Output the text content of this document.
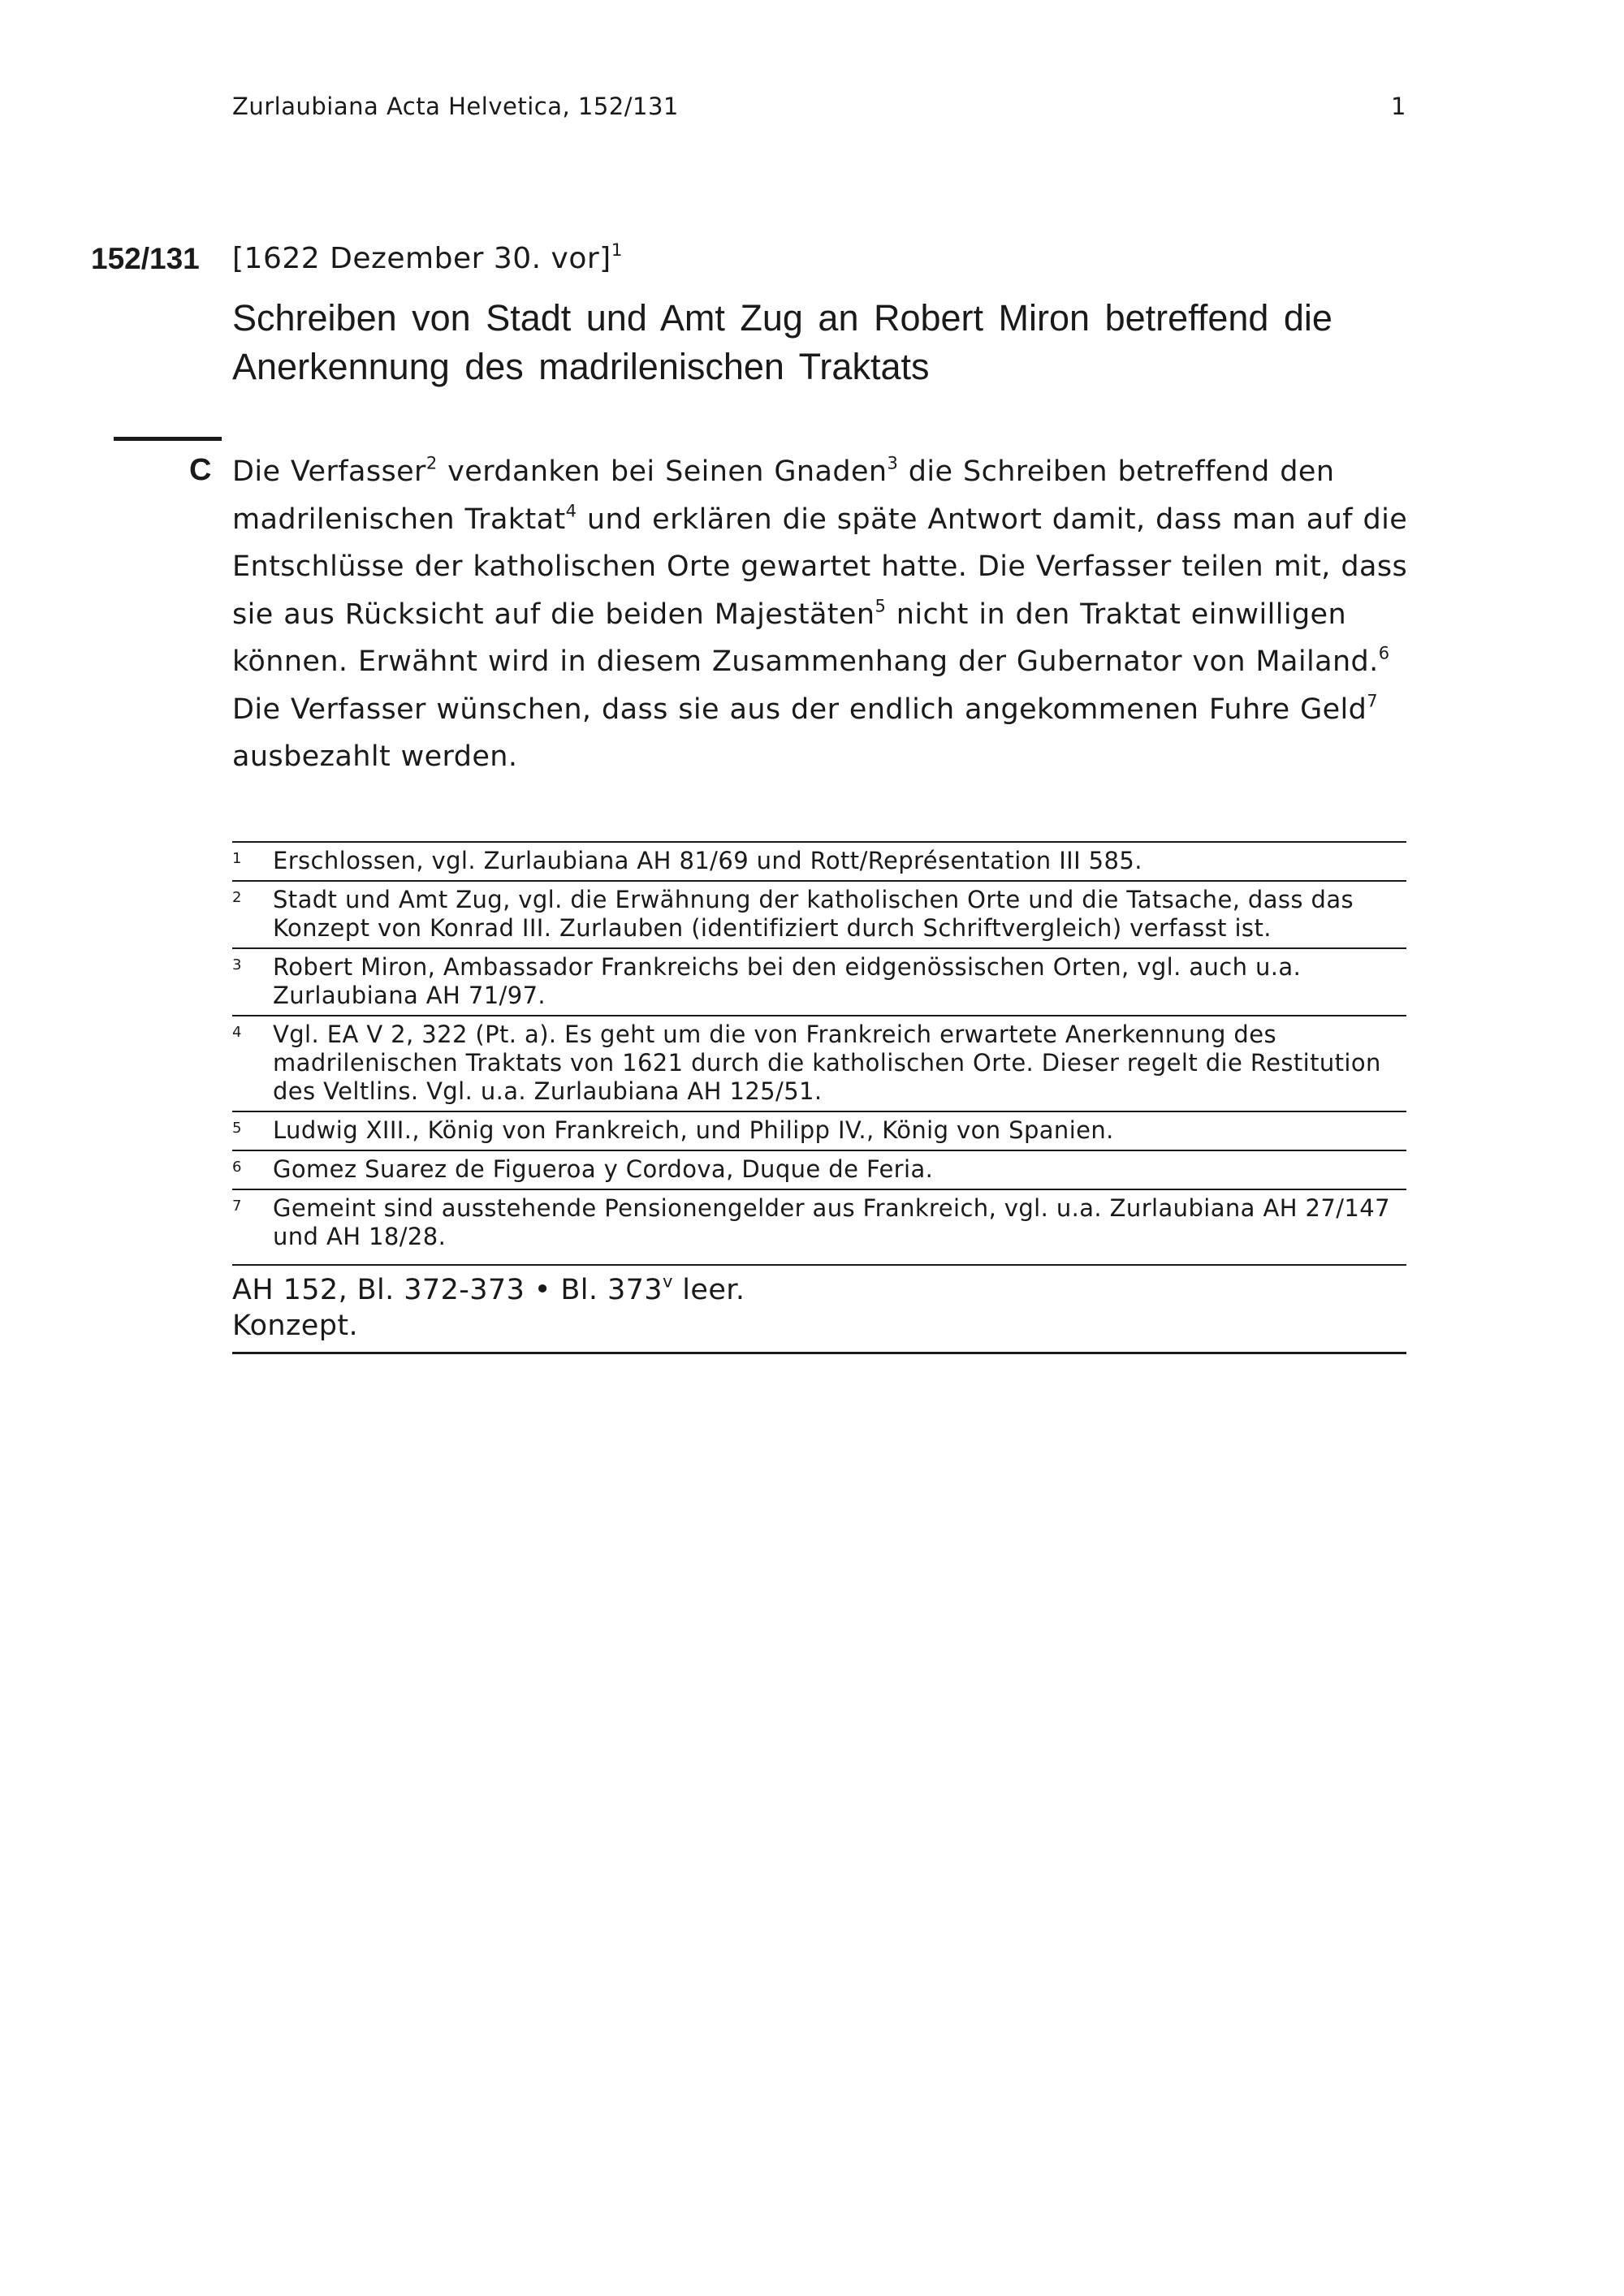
Zurlaubiana Acta Helvetica, 152/131	1
152/131 [1622 Dezember 30. vor]$^1$
Schreiben von Stadt und Amt Zug an Robert Miron betreffend die Anerkennung des madrilenischen Traktats
C Die Verfasser$^2$ verdanken bei Seinen Gnaden$^3$ die Schreiben betreffend den madrilenischen Traktat$^4$ und erklären die späte Antwort damit, dass man auf die Entschlüsse der katholischen Orte gewartet hatte. Die Verfasser teilen mit, dass sie aus Rücksicht auf die beiden Majestäten$^5$ nicht in den Traktat einwilligen können. Erwähnt wird in diesem Zusammenhang der Gubernator von Mailand.$^6$ Die Verfasser wünschen, dass sie aus der endlich angekommenen Fuhre Geld$^7$ ausbezahlt werden.
1 Erschlossen, vgl. Zurlaubiana AH 81/69 und Rott/Représentation III 585.
2 Stadt und Amt Zug, vgl. die Erwähnung der katholischen Orte und die Tatsache, dass das Konzept von Konrad III. Zurlauben (identifiziert durch Schriftvergleich) verfasst ist.
3 Robert Miron, Ambassador Frankreichs bei den eidgenössischen Orten, vgl. auch u.a. Zurlaubiana AH 71/97.
4 Vgl. EA V 2, 322 (Pt. a). Es geht um die von Frankreich erwartete Anerkennung des madrilenischen Traktats von 1621 durch die katholischen Orte. Dieser regelt die Restitution des Veltlins. Vgl. u.a. Zurlaubiana AH 125/51.
5 Ludwig XIII., König von Frankreich, und Philipp IV., König von Spanien.
6 Gomez Suarez de Figueroa y Cordova, Duque de Feria.
7 Gemeint sind ausstehende Pensionengelder aus Frankreich, vgl. u.a. Zurlaubiana AH 27/147 und AH 18/28.
AH 152, Bl. 372-373 • Bl. 373$^v$ leer.
Konzept.
